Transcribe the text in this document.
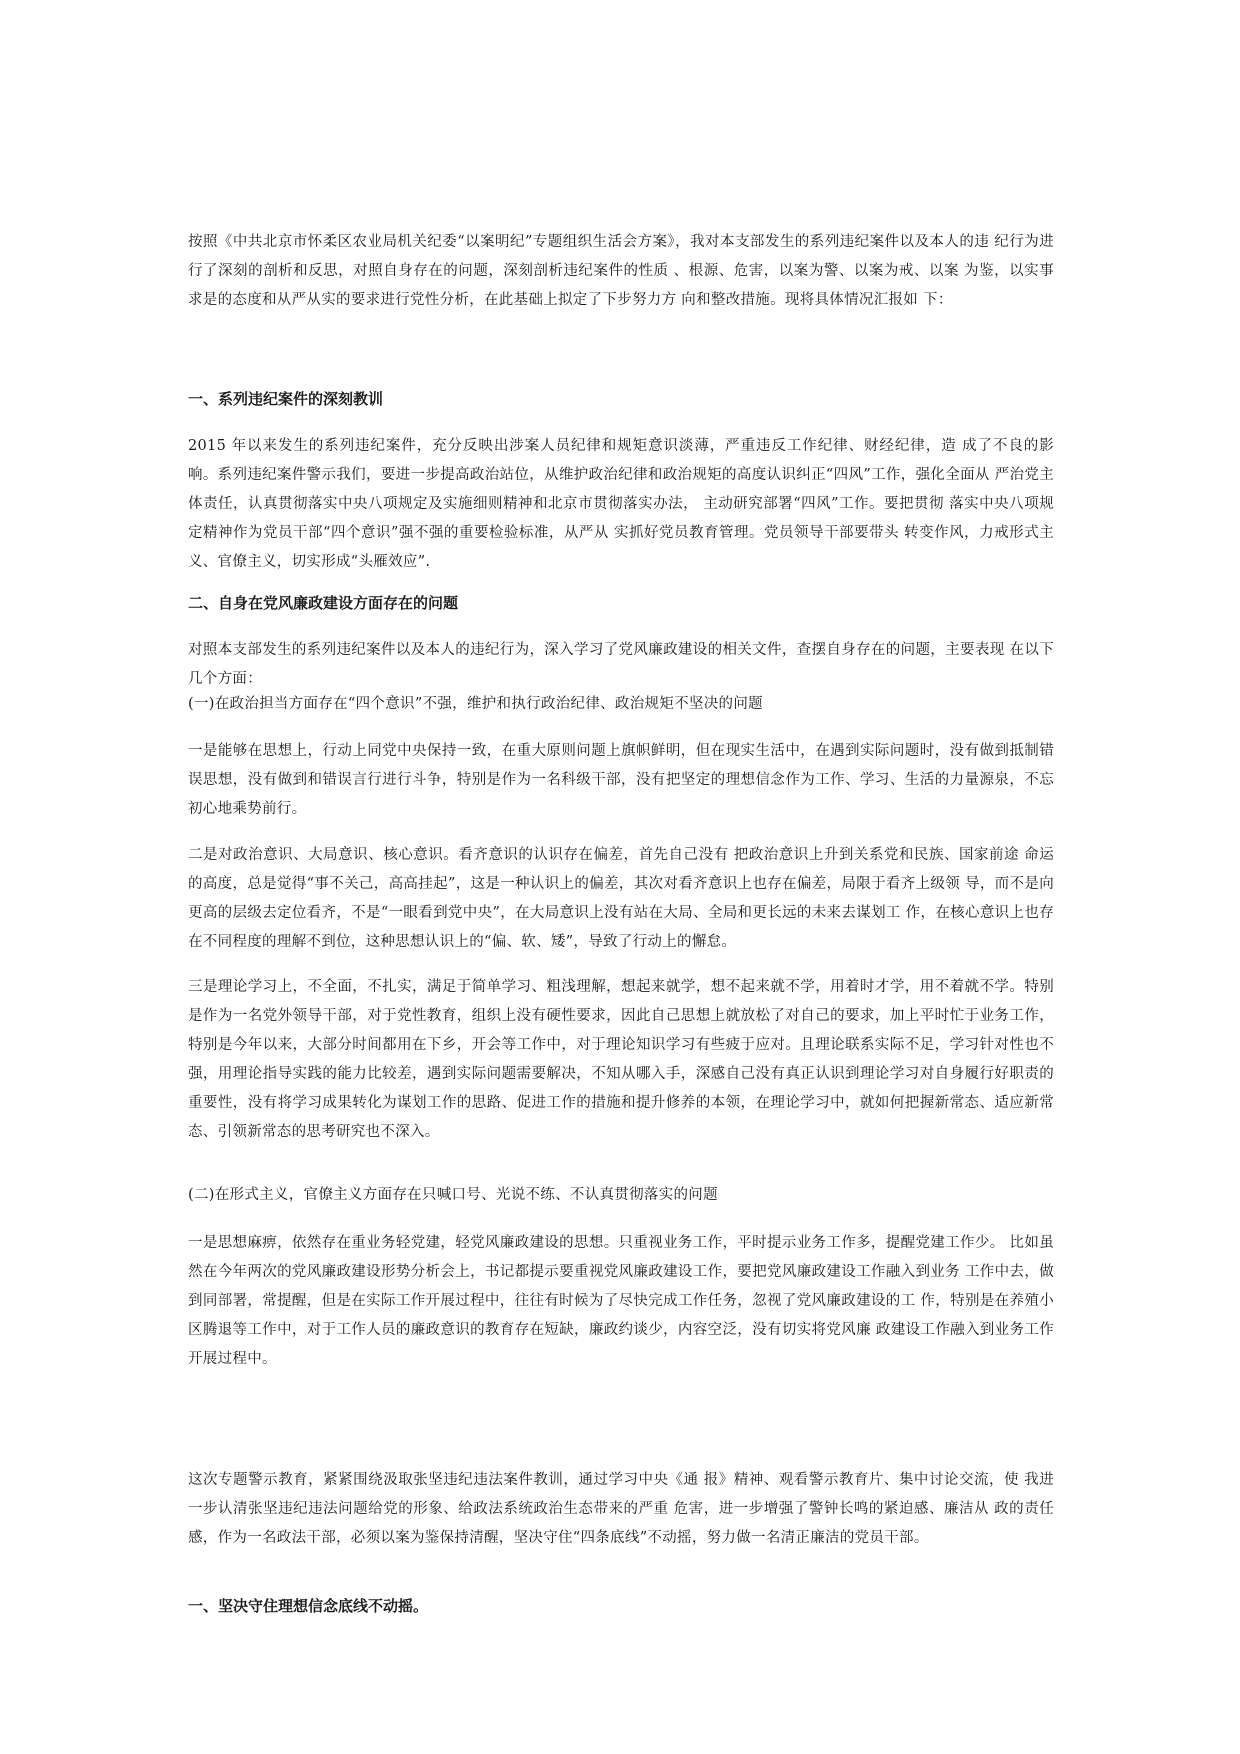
按照《中共北京市怀柔区农业局机关纪委“以案明纪”专题组织生活会方案》，我对本支部发生的系列违纪案件以及本人的违 纪行为进行了深刻的剖析和反思，对照自身存在的问题，深刻剖析违纪案件的性质 、根源、危害，以案为警、以案为戒、以案 为鉴，以实事求是的态度和从严从实的要求进行党性分析，在此基础上拟定了下步努力方 向和整改措施。现将具体情况汇报如 下：

一、系列违纪案件的深刻教训

2015 年以来发生的系列违纪案件，充分反映出涉案人员纪律和规矩意识淡薄，严重违反工作纪律、财经纪律，造 成了不良的影 响。系列违纪案件警示我们，要进一步提高政治站位，从维护政治纪律和政治规矩的高度认识纠正“四风”工作，强化全面从 严治党主体责任，认真贯彻落实中央八项规定及实施细则精神和北京市贯彻落实办法， 主动研究部署“四风”工作。要把贯彻 落实中央八项规定精神作为党员干部“四个意识”强不强的重要检验标准，从严从 实抓好党员教育管理。党员领导干部要带头 转变作风，力戒形式主义、官僚主义，切实形成“头雁效应”.

二、自身在党风廉政建设方面存在的问题

对照本支部发生的系列违纪案件以及本人的违纪行为，深入学习了党风廉政建设的相关文件，查摆自身存在的问题，主要表现 在以下几个方面：

(一)在政治担当方面存在“四个意识”不强，维护和执行政治纪律、政治规矩不坚决的问题

一是能够在思想上，行动上同党中央保持一致，在重大原则问题上旗帜鲜明，但在现实生活中，在遇到实际问题时，没有做到抵制错误思想，没有做到和错误言行进行斗争，特别是作为一名科级干部，没有把坚定的理想信念作为工作、学习、生活的力量源泉，不忘初心地乘势前行。

二是对政治意识、大局意识、核心意识。看齐意识的认识存在偏差，首先自己没有 把政治意识上升到关系党和民族、国家前途 命运的高度，总是觉得“事不关己，高高挂起”，这是一种认识上的偏差，其次对看齐意识上也存在偏差，局限于看齐上级领 导，而不是向更高的层级去定位看齐，不是“一眼看到党中央”，在大局意识上没有站在大局、全局和更长远的未来去谋划工 作，在核心意识上也存在不同程度的理解不到位，这种思想认识上的“偏、软、矮”，导致了行动上的懈怠。

三是理论学习上，不全面，不扎实，满足于简单学习、粗浅理解，想起来就学，想不起来就不学，用着时才学，用不着就不学。特别是作为一名党外领导干部，对于党性教育，组织上没有硬性要求，因此自己思想上就放松了对自己的要求，加上平时忙于业务工作，特别是今年以来，大部分时间都用在下乡，开会等工作中，对于理论知识学习有些疲于应对。且理论联系实际不足，学习针对性也不强，用理论指导实践的能力比较差，遇到实际问题需要解决，不知从哪入手，深感自己没有真正认识到理论学习对自身履行好职责的重要性，没有将学习成果转化为谋划工作的思路、促进工作的措施和提升修养的本领，在理论学习中，就如何把握新常态、适应新常态、引领新常态的思考研究也不深入。

(二)在形式主义，官僚主义方面存在只喊口号、光说不练、不认真贯彻落实的问题

一是思想麻痹，依然存在重业务轻党建，轻党风廉政建设的思想。只重视业务工作，平时提示业务工作多，提醒党建工作少。 比如虽然在今年两次的党风廉政建设形势分析会上，书记都提示要重视党风廉政建设工作，要把党风廉政建设工作融入到业务 工作中去，做到同部署，常提醒，但是在实际工作开展过程中，往往有时候为了尽快完成工作任务，忽视了党风廉政建设的工 作，特别是在养殖小区腾退等工作中，对于工作人员的廉政意识的教育存在短缺，廉政约谈少，内容空泛，没有切实将党风廉 政建设工作融入到业务工作开展过程中。

这次专题警示教育，紧紧围绕汲取张坚违纪违法案件教训，通过学习中央《通 报》精神、观看警示教育片、集中讨论交流，使 我进一步认清张坚违纪违法问题给党的形象、给政法系统政治生态带来的严重 危害，进一步增强了警钟长鸣的紧迫感、廉洁从 政的责任感，作为一名政法干部，必须以案为鉴保持清醒，坚决守住“四条底线”不动摇，努力做一名清正廉洁的党员干部。

一、坚决守住理想信念底线不动摇。
